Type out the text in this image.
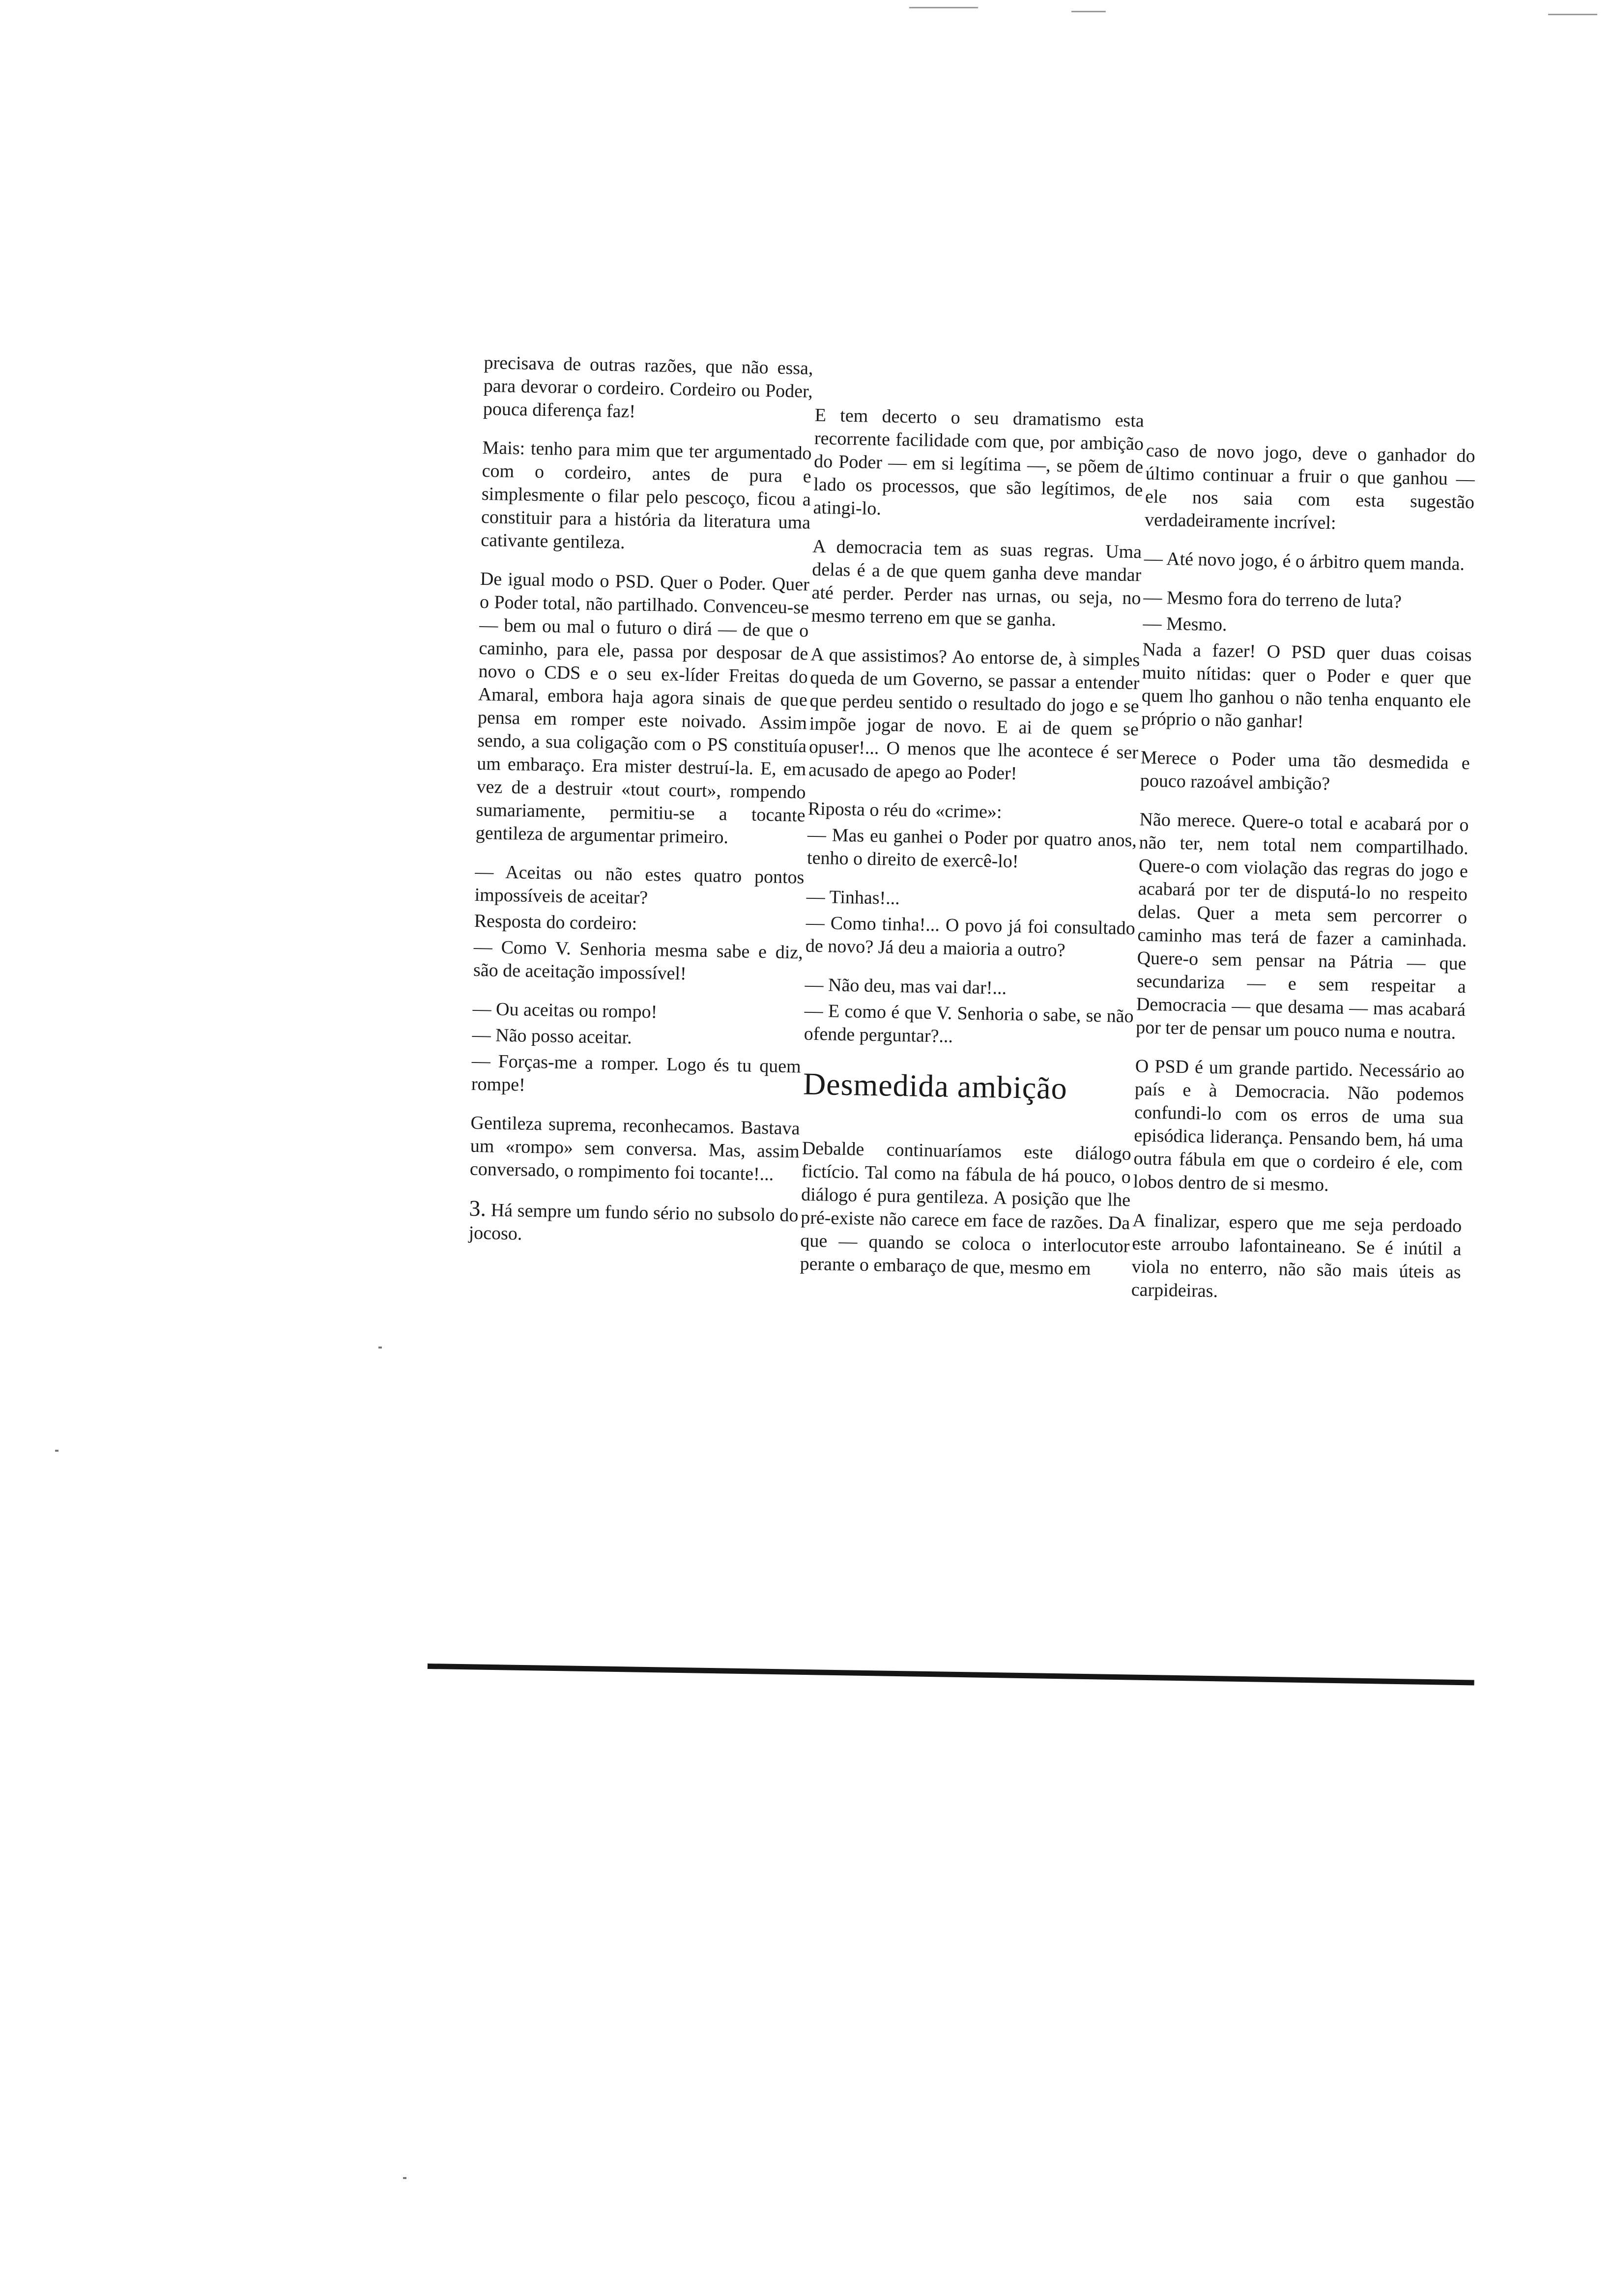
precisava de outras razões, que não essa, para devorar o cordeiro. Cordeiro ou Poder, pouca diferença faz!

Mais: tenho para mim que ter argumentado com o cordeiro, antes de pura e simplesmente o filar pelo pescoço, ficou a constituir para a história da literatura uma cativante gentileza.

De igual modo o PSD. Quer o Poder. Quer o Poder total, não partilhado. Convenceu-se — bem ou mal o futuro o dirá — de que o caminho, para ele, passa por desposar de novo o CDS e o seu ex-líder Freitas do Amaral, embora haja agora sinais de que pensa em romper este noivado. Assim sendo, a sua coligação com o PS constituía um embaraço. Era mister destruí-la. E, em vez de a destruir «tout court», rompendo sumariamente, permitiu-se a tocante gentileza de argumentar primeiro.

— Aceitas ou não estes quatro pontos impossíveis de aceitar?

Resposta do cordeiro:

— Como V. Senhoria mesma sabe e diz, são de aceitação impossível!

— Ou aceitas ou rompo!

— Não posso aceitar.

— Forças-me a romper. Logo és tu quem rompe!

Gentileza suprema, reconhecamos. Bastava um «rompo» sem conversa. Mas, assim conversado, o rompimento foi tocante!...

3. Há sempre um fundo sério no subsolo do jocoso.

E tem decerto o seu dramatismo esta recorrente facilidade com que, por ambição do Poder — em si legítima —, se põem de lado os processos, que são legítimos, de atingi-lo.

A democracia tem as suas regras. Uma delas é a de que quem ganha deve mandar até perder. Perder nas urnas, ou seja, no mesmo terreno em que se ganha.

A que assistimos? Ao entorse de, à simples queda de um Governo, se passar a entender que perdeu sentido o resultado do jogo e se impõe jogar de novo. E ai de quem se opuser!... O menos que lhe acontece é ser acusado de apego ao Poder!

Riposta o réu do «crime»:

— Mas eu ganhei o Poder por quatro anos, tenho o direito de exercê-lo!

— Tinhas!...

— Como tinha!... O povo já foi consultado de novo? Já deu a maioria a outro?

— Não deu, mas vai dar!...

— E como é que V. Senhoria o sabe, se não ofende perguntar?...

Desmedida ambição

Debalde continuaríamos este diálogo fictício. Tal como na fábula de há pouco, o diálogo é pura gentileza. A posição que lhe pré-existe não carece em face de razões. Da que — quando se coloca o interlocutor perante o embaraço de que, mesmo em

caso de novo jogo, deve o ganhador do último continuar a fruir o que ganhou — ele nos saia com esta sugestão verdadeiramente incrível:

— Até novo jogo, é o árbitro quem manda.

— Mesmo fora do terreno de luta?

— Mesmo.

Nada a fazer! O PSD quer duas coisas muito nítidas: quer o Poder e quer que quem lho ganhou o não tenha enquanto ele próprio o não ganhar!

Merece o Poder uma tão desmedida e pouco razoável ambição?

Não merece. Quere-o total e acabará por o não ter, nem total nem compartilhado. Quere-o com violação das regras do jogo e acabará por ter de disputá-lo no respeito delas. Quer a meta sem percorrer o caminho mas terá de fazer a caminhada. Quere-o sem pensar na Pátria — que secundariza — e sem respeitar a Democracia — que desama — mas acabará por ter de pensar um pouco numa e noutra.

O PSD é um grande partido. Necessário ao país e à Democracia. Não podemos confundi-lo com os erros de uma sua episódica liderança. Pensando bem, há uma outra fábula em que o cordeiro é ele, com lobos dentro de si mesmo.

A finalizar, espero que me seja perdoado este arroubo lafontaineano. Se é inútil a viola no enterro, não são mais úteis as carpideiras.
